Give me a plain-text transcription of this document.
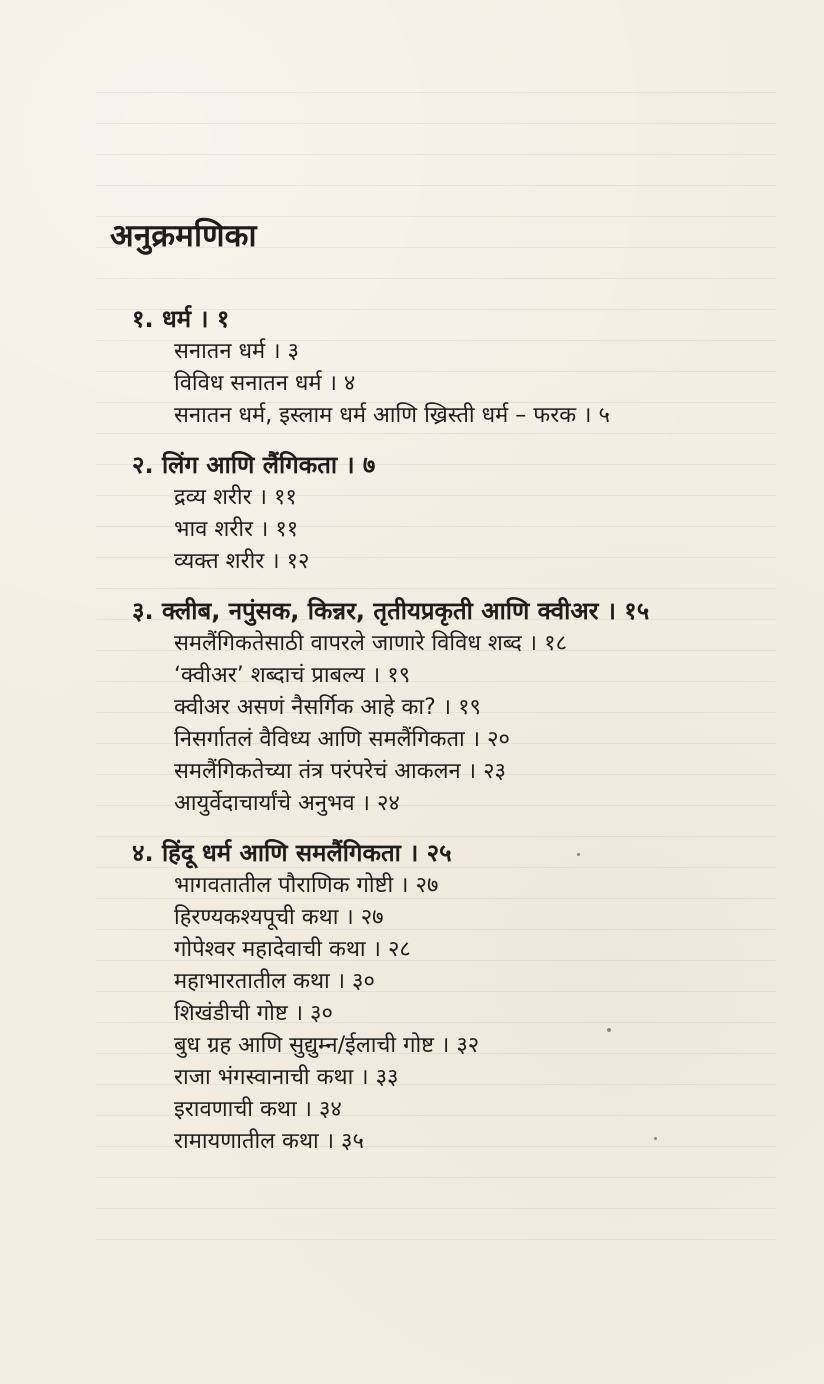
अनुक्रमणिका
१. धर्म । १
सनातन धर्म । ३
विविध सनातन धर्म । ४
सनातन धर्म, इस्लाम धर्म आणि ख्रिस्ती धर्म – फरक । ५
२. लिंग आणि लैंगिकता । ७
द्रव्य शरीर । ११
भाव शरीर । ११
व्यक्त शरीर । १२
३. क्लीब, नपुंसक, किन्नर, तृतीयप्रकृती आणि क्वीअर । १५
समलैंगिकतेसाठी वापरले जाणारे विविध शब्द । १८
‘क्वीअर’ शब्दाचं प्राबल्य । १९
क्वीअर असणं नैसर्गिक आहे का? । १९
निसर्गातलं वैविध्य आणि समलैंगिकता । २०
समलैंगिकतेच्या तंत्र परंपरेचं आकलन । २३
आयुर्वेदाचार्यांचे अनुभव । २४
४. हिंदू धर्म आणि समलैंगिकता । २५
भागवतातील पौराणिक गोष्टी । २७
हिरण्यकश्यपूची कथा । २७
गोपेश्वर महादेवाची कथा । २८
महाभारतातील कथा । ३०
शिखंडीची गोष्ट । ३०
बुध ग्रह आणि सुद्युम्न/ईलाची गोष्ट । ३२
राजा भंगस्वानाची कथा । ३३
इरावणाची कथा । ३४
रामायणातील कथा । ३५
